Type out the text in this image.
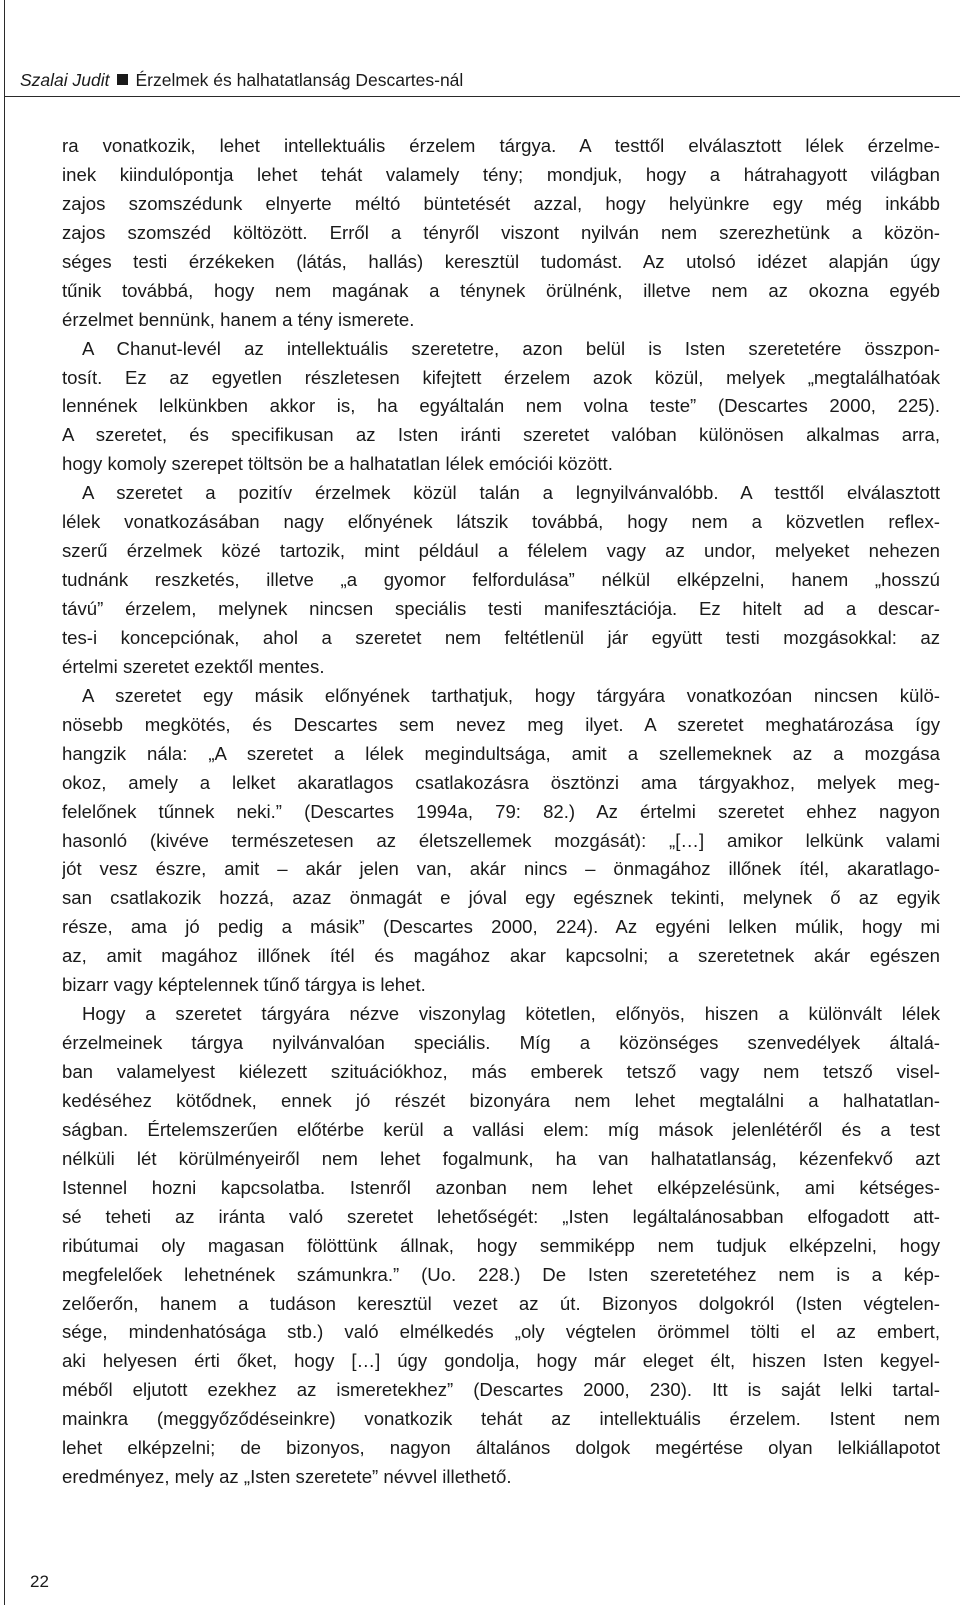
Szalai Judit Érzelmek és halhatatlanság Descartes-nál
ra vonatkozik, lehet intellektuális érzelem tárgya. A testtől elválasztott lélek érzelme-
inek kiindulópontja lehet tehát valamely tény; mondjuk, hogy a hátrahagyott világban
zajos szomszédunk elnyerte méltó büntetését azzal, hogy helyünkre egy még inkább
zajos szomszéd költözött. Erről a tényről viszont nyilván nem szerezhetünk a közön-
séges testi érzékeken (látás, hallás) keresztül tudomást. Az utolsó idézet alapján úgy
tűnik továbbá, hogy nem magának a ténynek örülnénk, illetve nem az okozna egyéb
érzelmet bennünk, hanem a tény ismerete.
A Chanut-levél az intellektuális szeretetre, azon belül is Isten szeretetére összpon-
tosít. Ez az egyetlen részletesen kifejtett érzelem azok közül, melyek „megtalálhatóak
lennének lelkünkben akkor is, ha egyáltalán nem volna teste” (Descartes 2000, 225).
A szeretet, és specifikusan az Isten iránti szeretet valóban különösen alkalmas arra,
hogy komoly szerepet töltsön be a halhatatlan lélek emóciói között.
A szeretet a pozitív érzelmek közül talán a legnyilvánvalóbb. A testtől elválasztott
lélek vonatkozásában nagy előnyének látszik továbbá, hogy nem a közvetlen reflex-
szerű érzelmek közé tartozik, mint például a félelem vagy az undor, melyeket nehezen
tudnánk reszketés, illetve „a gyomor felfordulása” nélkül elképzelni, hanem „hosszú
távú” érzelem, melynek nincsen speciális testi manifesztációja. Ez hitelt ad a descar-
tes-i koncepciónak, ahol a szeretet nem feltétlenül jár együtt testi mozgásokkal: az
értelmi szeretet ezektől mentes.
A szeretet egy másik előnyének tarthatjuk, hogy tárgyára vonatkozóan nincsen külö-
nösebb megkötés, és Descartes sem nevez meg ilyet. A szeretet meghatározása így
hangzik nála: „A szeretet a lélek megindultsága, amit a szellemeknek az a mozgása
okoz, amely a lelket akaratlagos csatlakozásra ösztönzi ama tárgyakhoz, melyek meg-
felelőnek tűnnek neki.” (Descartes 1994a, 79: 82.) Az értelmi szeretet ehhez nagyon
hasonló (kivéve természetesen az életszellemek mozgását): „[…] amikor lelkünk valami
jót vesz észre, amit – akár jelen van, akár nincs – önmagához illőnek ítél, akaratlago-
san csatlakozik hozzá, azaz önmagát e jóval egy egésznek tekinti, melynek ő az egyik
része, ama jó pedig a másik” (Descartes 2000, 224). Az egyéni lelken múlik, hogy mi
az, amit magához illőnek ítél és magához akar kapcsolni; a szeretetnek akár egészen
bizarr vagy képtelennek tűnő tárgya is lehet.
Hogy a szeretet tárgyára nézve viszonylag kötetlen, előnyös, hiszen a különvált lélek
érzelmeinek tárgya nyilvánvalóan speciális. Míg a közönséges szenvedélyek általá-
ban valamelyest kiélezett szituációkhoz, más emberek tetsző vagy nem tetsző visel-
kedéséhez kötődnek, ennek jó részét bizonyára nem lehet megtalálni a halhatatlan-
ságban. Értelemszerűen előtérbe kerül a vallási elem: míg mások jelenlétéről és a test
nélküli lét körülményeiről nem lehet fogalmunk, ha van halhatatlanság, kézenfekvő azt
Istennel hozni kapcsolatba. Istenről azonban nem lehet elképzelésünk, ami kétséges-
sé teheti az iránta való szeretet lehetőségét: „Isten legáltalánosabban elfogadott att-
ribútumai oly magasan fölöttünk állnak, hogy semmiképp nem tudjuk elképzelni, hogy
megfelelőek lehetnének számunkra.” (Uo. 228.) De Isten szeretetéhez nem is a kép-
zelőerőn, hanem a tudáson keresztül vezet az út. Bizonyos dolgokról (Isten végtelen-
sége, mindenhatósága stb.) való elmélkedés „oly végtelen örömmel tölti el az embert,
aki helyesen érti őket, hogy […] úgy gondolja, hogy már eleget élt, hiszen Isten kegyel-
méből eljutott ezekhez az ismeretekhez” (Descartes 2000, 230). Itt is saját lelki tartal-
mainkra (meggyőződéseinkre) vonatkozik tehát az intellektuális érzelem. Istent nem
lehet elképzelni; de bizonyos, nagyon általános dolgok megértése olyan lelkiállapotot
eredményez, mely az „Isten szeretete” névvel illethető.
22
